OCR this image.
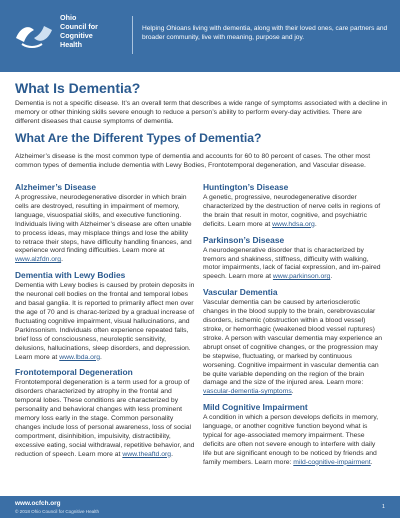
Ohio
Council for
Cognitive
Health
Helping Ohioans living with dementia, along with their loved ones, care partners and broader community, live with meaning, purpose and joy.
What Is Dementia?
Dementia is not a specific disease. It’s an overall term that describes a wide range of symptoms associated with a decline in memory or other thinking skills severe enough to reduce a person’s ability to perform every-day activities. There are different diseases that cause symptoms of dementia.
What Are the Different Types of Dementia?
Alzheimer’s disease is the most common type of dementia and accounts for 60 to 80 percent of cases. The other most common types of dementia include dementia with Lewy Bodies, Frontotemporal degeneration, and Vascular disease.
Alzheimer’s Disease
A progressive, neurodegenerative disorder in which brain cells are destroyed, resulting in impairment of memory, language, visuospatial skills, and executive functioning. Individuals living with Alzheimer’s disease are often unable to process ideas, may misplace things and lose the ability to retrace their steps, have difficulty handling finances, and experience word finding difficulties. Learn more at www.alzfdn.org.
Dementia with Lewy Bodies
Dementia with Lewy bodies is caused by protein deposits in the neuronal cell bodies on the frontal and temporal lobes and basal ganglia. It is reported to primarily affect men over the age of 70 and is charac-terized by a gradual increase of fluctuating cognitive impairment, visual hallucinations, and Parkinsonism. Individuals often experience repeated falls, brief loss of consciousness, neuroleptic sensitivity, delusions, hallucinations, sleep disorders, and depression. Learn more at www.lbda.org.
Frontotemporal Degeneration
Frontotemporal degeneration is a term used for a group of disorders characterized by atrophy in the frontal and temporal lobes. These conditions are characterized by personality and behavioral changes with less prominent memory loss early in the stage. Common personality changes include loss of personal awareness, loss of social comportment, disinhibition, impulsivity, distractibility, excessive eating, social withdrawal, repetitive behavior, and reduction of speech. Learn more at www.theaftd.org.
Huntington’s Disease
A genetic, progressive, neurodegenerative disorder characterized by the destruction of nerve cells in regions of the brain that result in motor, cognitive, and psychiatric deficits. Learn more at www.hdsa.org.
Parkinson’s Disease
A neurodegenerative disorder that is characterized by tremors and shakiness, stiffness, difficulty with walking, motor impairments, lack of facial expression, and im-paired speech. Learn more at www.parkinson.org.
Vascular Dementia
Vascular dementia can be caused by arteriosclerotic changes in the blood supply to the brain, cerebrovascular disorders, ischemic (obstruction within a blood vessel) stroke, or hemorrhagic (weakened blood vessel ruptures) stroke. A person with vascular dementia may experience an abrupt onset of cognitive changes, or the progression may be stepwise, fluctuating, or marked by continuous worsening. Cognitive impairment in vascular dementia can be quite variable depending on the region of the brain damage and the size of the injured area. Learn more: vascular-dementia-symptoms.
Mild Cognitive Impairment
A condition in which a person develops deficits in memory, language, or another cognitive function beyond what is typical for age-associated memory impairment. These deficits are often not severe enough to interfere with daily life but are significant enough to be noticed by friends and family members. Learn more: mild-cognitive-impairment.
www.ocfch.org
© 2018 Ohio Council for Cognitive Health
1
